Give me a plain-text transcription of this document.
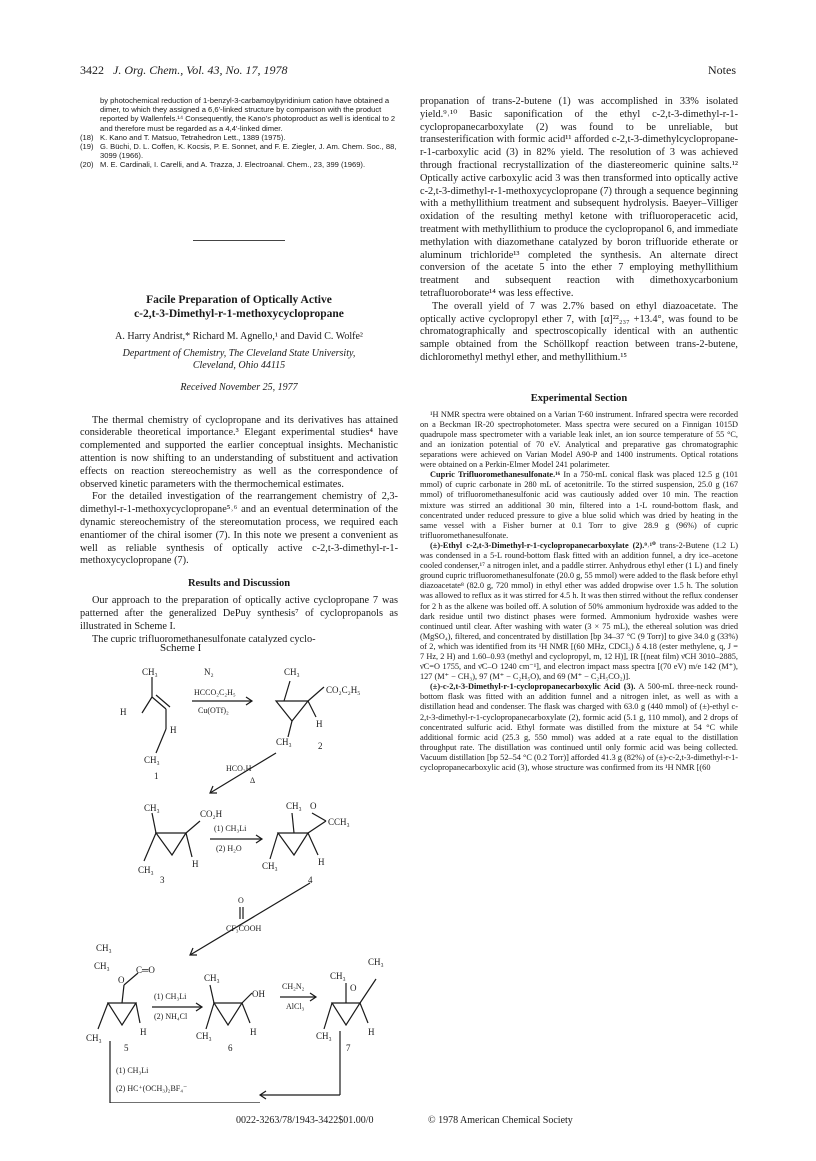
3422 J. Org. Chem., Vol. 43, No. 17, 1978	Notes

by photochemical reduction of 1-benzyl-3-carbamoylpyridinium cation have obtained a dimer, to which they assigned a 6,6′-linked structure by comparison with the product reported by Wallenfels.¹⁴ Consequently, the Kano's photoproduct as well is identical to 2 and therefore must be regarded as a 4,4′-linked dimer.

(18) K. Kano and T. Matsuo, Tetrahedron Lett., 1389 (1975).
(19) G. Büchi, D. L. Coffen, K. Kocsis, P. E. Sonnet, and F. E. Ziegler, J. Am. Chem. Soc., 88, 3099 (1966).
(20) M. E. Cardinali, I. Carelli, and A. Trazza, J. Electroanal. Chem., 23, 399 (1969).

Facile Preparation of Optically Active

c-2,t-3-Dimethyl-r-1-methoxycyclopropane

A. Harry Andrist,* Richard M. Agnello,¹ and David C. Wolfe²
Department of Chemistry, The Cleveland State University,
Cleveland, Ohio 44115
Received November 25, 1977

The thermal chemistry of cyclopropane and its derivatives has attained considerable theoretical importance.³ Elegant experimental studies⁴ have complemented and supported the earlier conceptual insights. Mechanistic attention is now shifting to an understanding of substituent and activation effects on reaction stereochemistry as well as the correspondence of observed kinetic parameters with the thermochemical estimates.

For the detailed investigation of the rearrangement chemistry of 2,3-dimethyl-r-1-methoxycyclopropane⁵˒⁶ and an eventual determination of the dynamic stereochemistry of the stereomutation process, we required each enantiomer of the chiral isomer (7). In this note we present a convenient as well as reliable synthesis of optically active c-2,t-3-dimethyl-r-1-methoxycyclopropane (7).

Results and Discussion

Our approach to the preparation of optically active cyclopropane 7 was patterned after the generalized DePuy synthesis⁷ of cyclopropanols as illustrated in Scheme I.

The cupric trifluoromethanesulfonate catalyzed cyclo-

Scheme I
CH₃
H
H
CH₃
1
N₂
HCCO₂C₂H₅
Cu(OTf)₂
CH₃
CO₂C₂H₅
H
CH₃	2
HCO₂H
Δ
CH₃
CO₂H
CH₃
H
3
(1) CH₃Li
(2) H₂O
CH₃ O
CCH₃
H
CH₃
4
O
CF₃COOH
CH₃
CH₃	C═O
O
H
CH₃
5
(1) CH₃Li
(2) NH₄Cl
CH₃
OH
H
CH₃
6
CH₂N₂
AlCl₃
CH₃
CH₃
O
H
CH₃
7
(1) CH₃Li
(2) HC⁺(OCH₃)₂BF₄⁻

propanation of trans-2-butene (1) was accomplished in 33% isolated yield.⁹˒¹⁰ Basic saponification of the ethyl c-2,t-3-dimethyl-r-1-cyclopropanecarboxylate (2) was found to be unreliable, but transesterification with formic acid¹¹ afforded c-2,t-3-dimethylcyclopropane-r-1-carboxylic acid (3) in 82% yield. The resolution of 3 was achieved through fractional recrystallization of the diastereomeric quinine salts.¹² Optically active carboxylic acid 3 was then transformed into optically active c-2,t-3-dimethyl-r-1-methoxycyclopropane (7) through a sequence beginning with a methyllithium treatment and subsequent hydrolysis. Baeyer–Villiger oxidation of the resulting methyl ketone with trifluoroperacetic acid, treatment with methyllithium to produce the cyclopropanol 6, and immediate methylation with diazomethane catalyzed by boron trifluoride etherate or aluminum trichloride¹³ completed the synthesis. An alternate direct conversion of the acetate 5 into the ether 7 employing methyllithium treatment and subsequent reaction with dimethoxycarbonium tetrafluoroborate¹⁴ was less effective.

The overall yield of 7 was 2.7% based on ethyl diazoacetate. The optically active cyclopropyl ether 7, with [α]²²₂₃₇ +13.4°, was found to be chromatographically and spectroscopically identical with an authentic sample obtained from the Schöllkopf reaction between trans-2-butene, dichloromethyl methyl ether, and methyllithium.¹⁵

Experimental Section

¹H NMR spectra were obtained on a Varian T-60 instrument. Infrared spectra were recorded on a Beckman IR-20 spectrophotometer. Mass spectra were secured on a Finnigan 1015D quadrupole mass spectrometer with a variable leak inlet, an ion source temperature of 55 °C, and an ionization potential of 70 eV. Analytical and preparative gas chromatographic separations were achieved on Varian Model A90-P and 1400 instruments. Optical rotations were obtained on a Perkin-Elmer Model 241 polarimeter.

Cupric Trifluoromethanesulfonate.¹⁶ In a 750-mL conical flask was placed 12.5 g (101 mmol) of cupric carbonate in 280 mL of acetonitrile. To the stirred suspension, 25.0 g (167 mmol) of trifluoromethanesulfonic acid was cautiously added over 10 min. The reaction mixture was stirred an additional 30 min, filtered into a 1-L round-bottom flask, and concentrated under reduced pressure to give a blue solid which was dried by heating in the same vessel with a Fisher burner at 0.1 Torr to give 28.9 g (96%) of cupric trifluoromethanesulfonate.

(±)-Ethyl c-2,t-3-Dimethyl-r-1-cyclopropanecarboxylate (2).⁹˒¹⁰ trans-2-Butene (1.2 L) was condensed in a 5-L round-bottom flask fitted with an addition funnel, a dry ice–acetone cooled condenser,¹⁷ a nitrogen inlet, and a paddle stirrer. Anhydrous ethyl ether (1 L) and finely ground cupric trifluoromethanesulfonate (20.0 g, 55 mmol) were added to the flask before ethyl diazoacetate⁸ (82.0 g, 720 mmol) in ethyl ether was added dropwise over 1.5 h. The solution was allowed to reflux as it was stirred for 4.5 h. It was then stirred without the reflux condenser for 2 h as the alkene was boiled off. A solution of 50% ammonium hydroxide was added to the dark residue until two distinct phases were formed. Ammonium hydroxide washes were continued until clear. After washing with water (3 × 75 mL), the ethereal solution was dried (MgSO₄), filtered, and concentrated by distillation [bp 34–37 °C (9 Torr)] to give 34.0 g (33%) of 2, which was identified from its ¹H NMR [(60 MHz, CDCl₃) δ 4.18 (ester methylene, q, J = 7 Hz, 2 H) and 1.60–0.93 (methyl and cyclopropyl, m, 12 H)], IR [(neat film) ν̄CH 3010–2885, ν̄C=O 1755, and ν̄C–O 1240 cm⁻¹], and electron impact mass spectra [(70 eV) m/e 142 (M⁺), 127 (M⁺ − CH₃), 97 (M⁺ − C₂H₅O), and 69 (M⁺ − C₂H₅CO₂)].

(±)-c-2,t-3-Dimethyl-r-1-cyclopropanecarboxylic Acid (3). A 500-mL three-neck round-bottom flask was fitted with an addition funnel and a nitrogen inlet, as well as with a distillation head and condenser. The flask was charged with 63.0 g (440 mmol) of (±)-ethyl c-2,t-3-dimethyl-r-1-cyclopropanecarboxylate (2), formic acid (5.1 g, 110 mmol), and 2 drops of concentrated sulfuric acid. Ethyl formate was distilled from the mixture at 54 °C while additional formic acid (25.3 g, 550 mmol) was added at a rate equal to the distillation throughput rate. The distillation was continued until only formic acid was being collected. Vacuum distillation [bp 52–54 °C (0.2 Torr)] afforded 41.3 g (82%) of (±)-c-2,t-3-dimethyl-r-1-cyclopropanecarboxylic acid (3), whose structure was confirmed from its ¹H NMR [(60

0022-3263/78/1943-3422$01.00/0	© 1978 American Chemical Society
